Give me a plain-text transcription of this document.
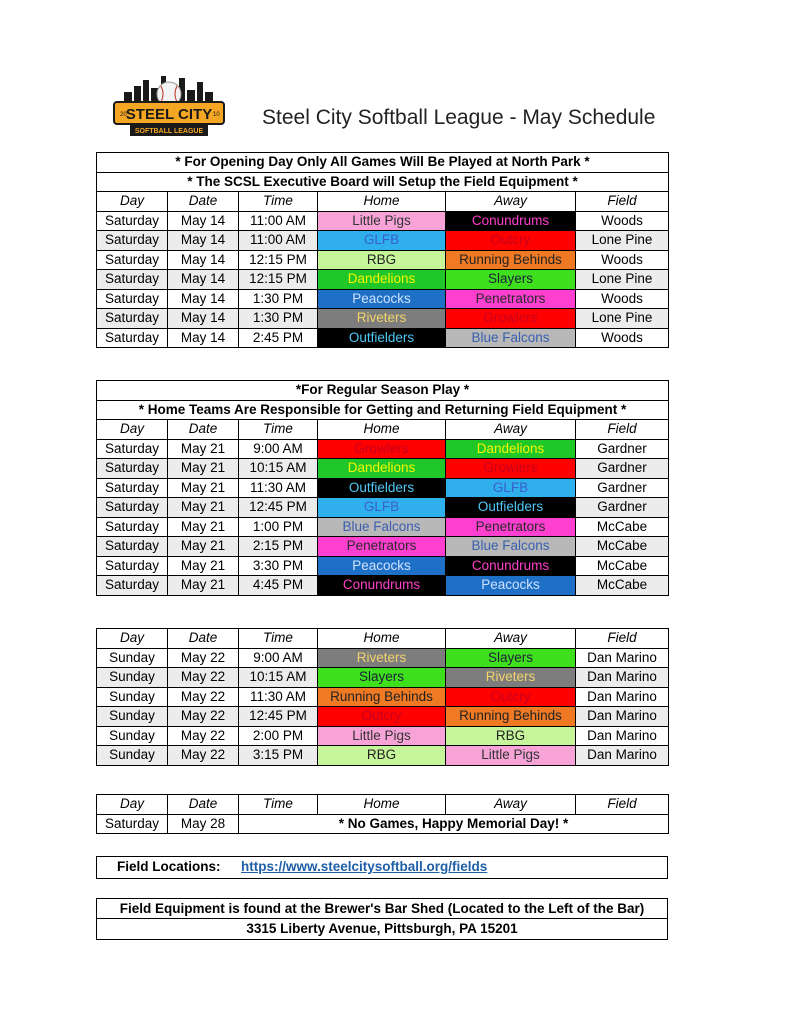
STEEL CITY
20	10
SOFTBALL LEAGUE
Steel City Softball League - May Schedule
* For Opening Day Only All Games Will Be Played at North Park *					
* The SCSL Executive Board will Setup the Field Equipment *					
Day	Date	Time	Home	Away	Field
Saturday	May 14	11:00 AM	Little Pigs	Conundrums	Woods
Saturday	May 14	11:00 AM	GLFB	Outcry	Lone Pine
Saturday	May 14	12:15 PM	RBG	Running Behinds	Woods
Saturday	May 14	12:15 PM	Dandelions	Slayers	Lone Pine
Saturday	May 14	1:30 PM	Peacocks	Penetrators	Woods
Saturday	May 14	1:30 PM	Riveters	Growlers	Lone Pine
Saturday	May 14	2:45 PM	Outfielders	Blue Falcons	Woods
*For Regular Season Play *					
* Home Teams Are Responsible for Getting and Returning Field Equipment *					
Day	Date	Time	Home	Away	Field
Saturday	May 21	9:00 AM	Growlers	Dandelions	Gardner
Saturday	May 21	10:15 AM	Dandelions	Growlers	Gardner
Saturday	May 21	11:30 AM	Outfielders	GLFB	Gardner
Saturday	May 21	12:45 PM	GLFB	Outfielders	Gardner
Saturday	May 21	1:00 PM	Blue Falcons	Penetrators	McCabe
Saturday	May 21	2:15 PM	Penetrators	Blue Falcons	McCabe
Saturday	May 21	3:30 PM	Peacocks	Conundrums	McCabe
Saturday	May 21	4:45 PM	Conundrums	Peacocks	McCabe
Day	Date	Time	Home	Away	Field
Sunday	May 22	9:00 AM	Riveters	Slayers	Dan Marino
Sunday	May 22	10:15 AM	Slayers	Riveters	Dan Marino
Sunday	May 22	11:30 AM	Running Behinds	Outcry	Dan Marino
Sunday	May 22	12:45 PM	Outcry	Running Behinds	Dan Marino
Sunday	May 22	2:00 PM	Little Pigs	RBG	Dan Marino
Sunday	May 22	3:15 PM	RBG	Little Pigs	Dan Marino
Day	Date	Time	Home	Away	Field
Saturday	May 28	* No Games, Happy Memorial Day! *			
Field Locations: https://www.steelcitysoftball.org/fields
Field Equipment is found at the Brewer's Bar Shed (Located to the Left of the Bar)
3315 Liberty Avenue, Pittsburgh, PA 15201
